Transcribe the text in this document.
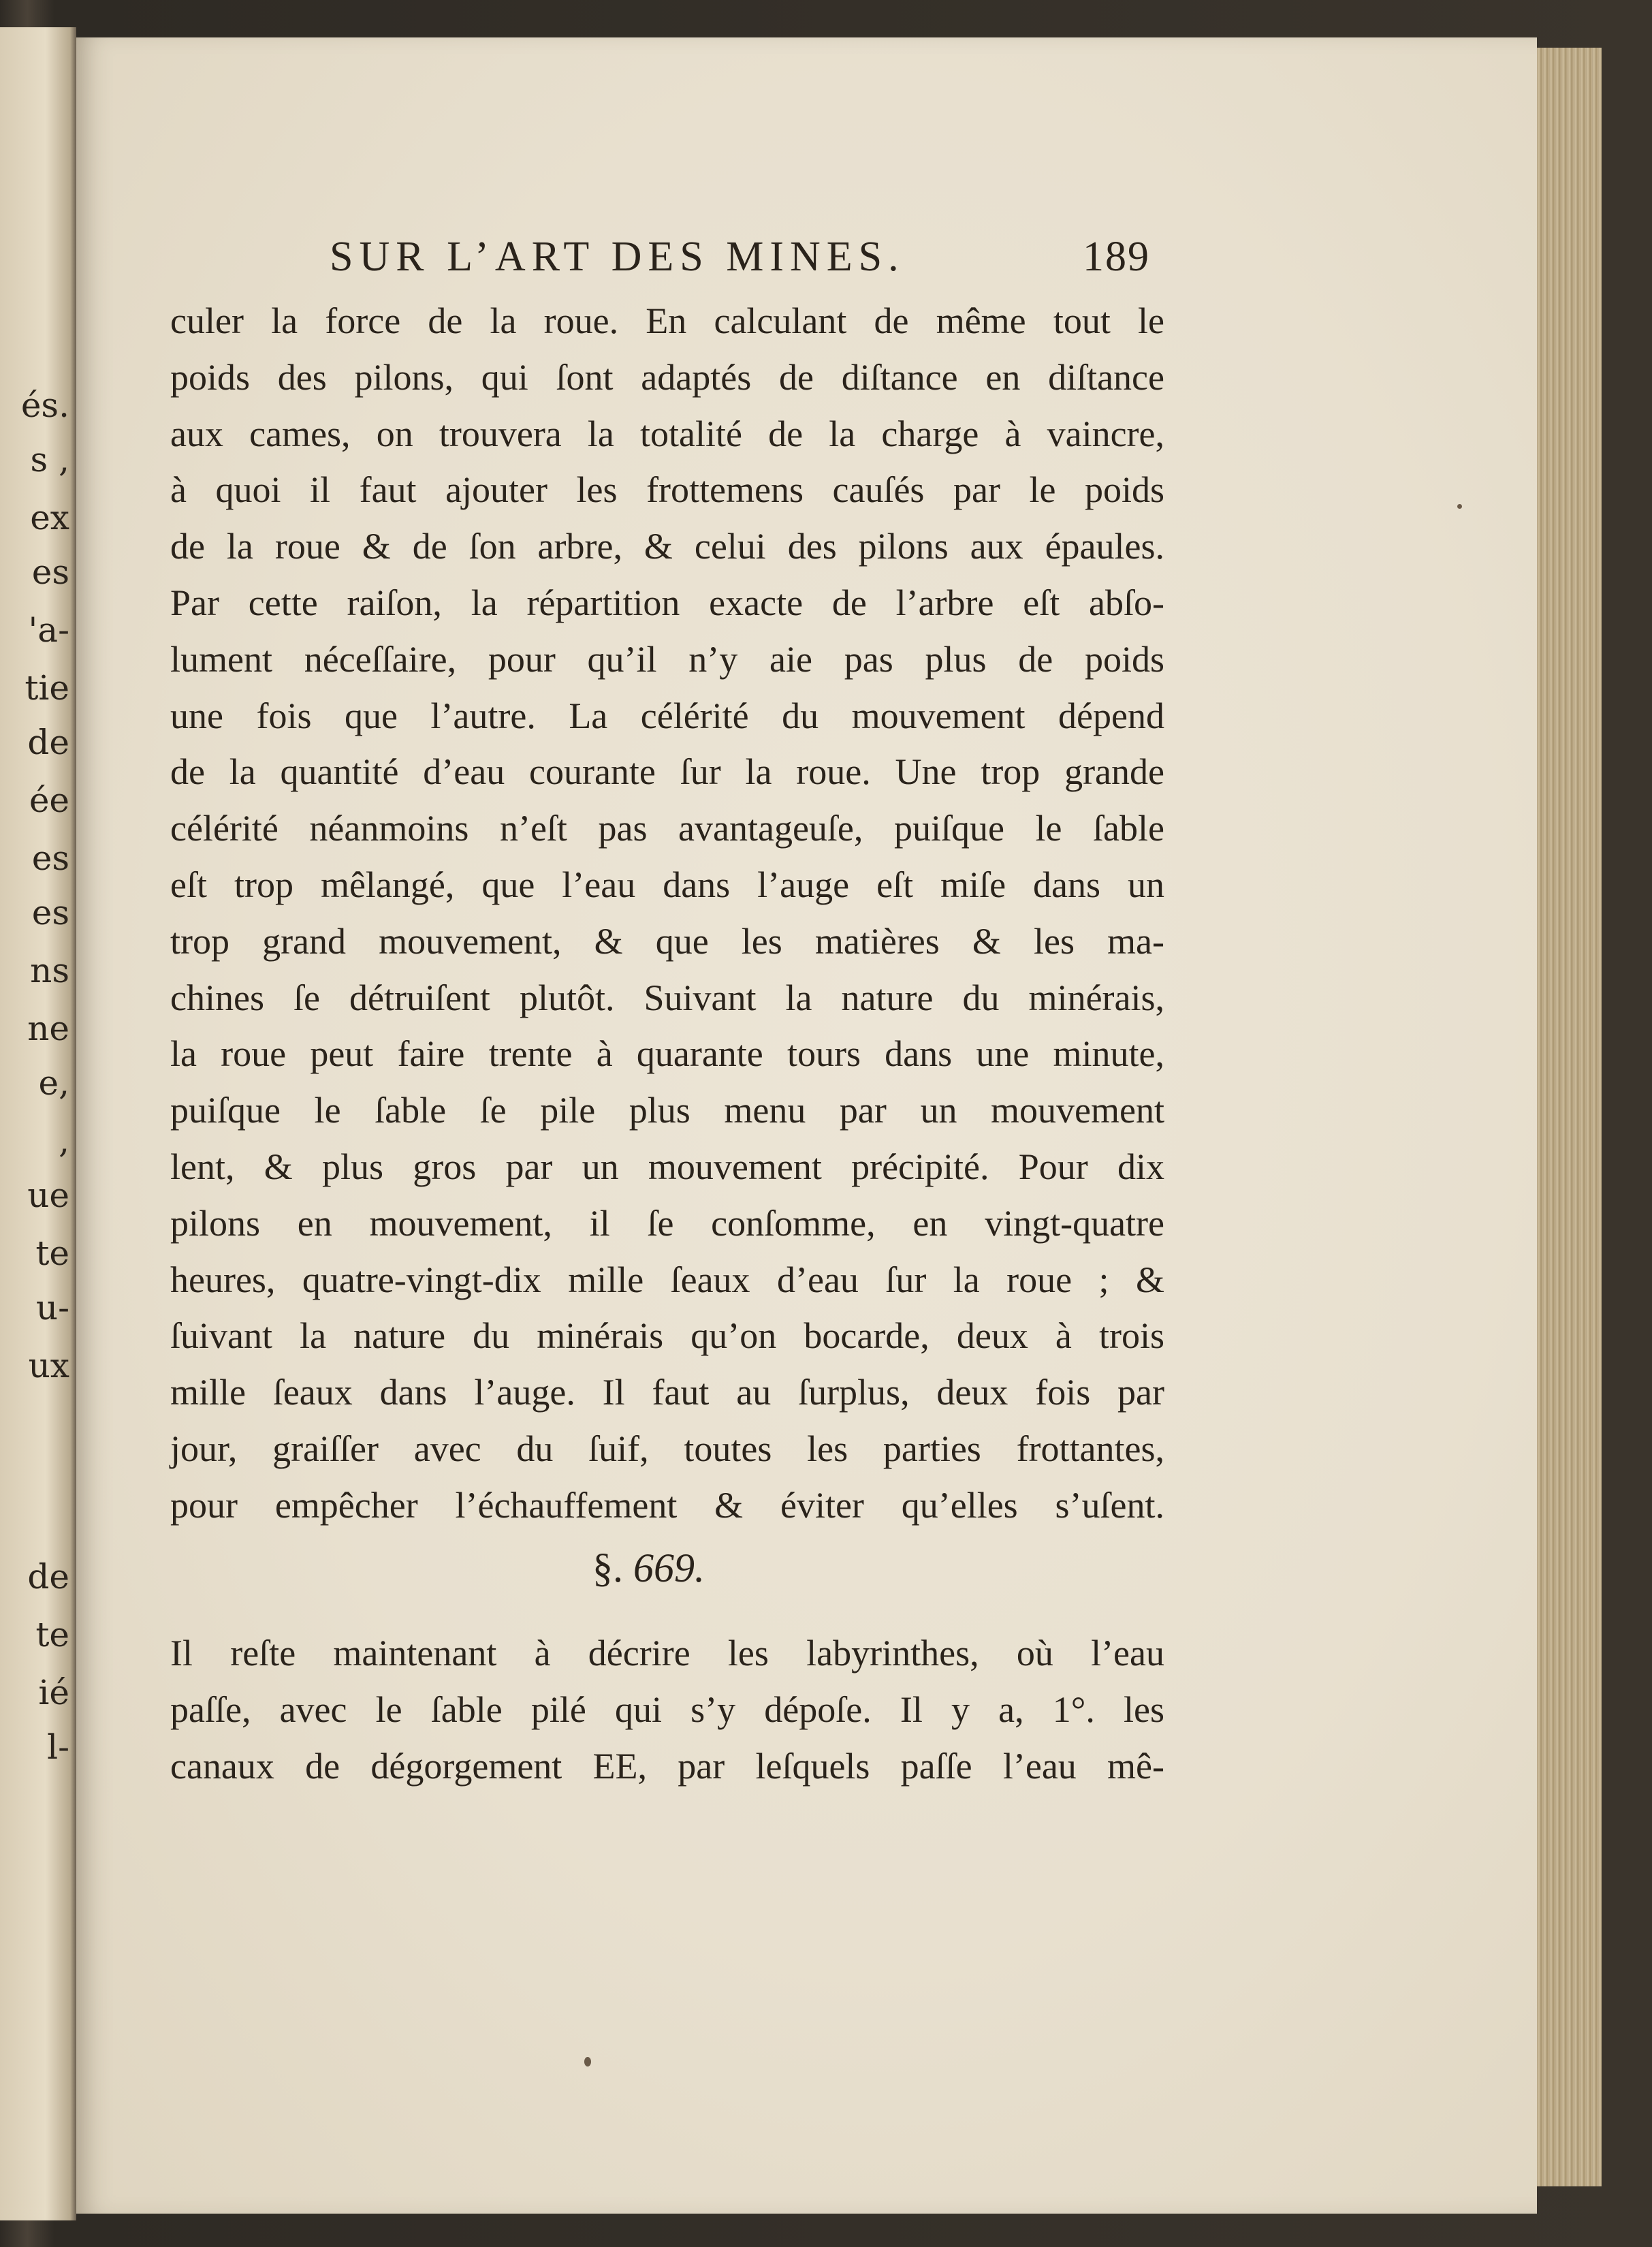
és.
s ,
ex
es
'a-
tie
de
ée
es
es
ns
ne
e,
,
ue
te
u-
ux
de
te
ié
l-
SUR L’ART DES MINES.	189
culer la force de la roue. En calculant de même tout le
poids des pilons, qui ſont adaptés de diſtance en diſtance
aux cames, on trouvera la totalité de la charge à vaincre,
à quoi il faut ajouter les frottemens cauſés par le poids
de la roue & de ſon arbre, & celui des pilons aux épaules.
Par cette raiſon, la répartition exacte de l’arbre eſt abſo-
lument néceſſaire, pour qu’il n’y aie pas plus de poids
une fois que l’autre. La célérité du mouvement dépend
de la quantité d’eau courante ſur la roue. Une trop grande
célérité néanmoins n’eſt pas avantageuſe, puiſque le ſable
eſt trop mêlangé, que l’eau dans l’auge eſt miſe dans un
trop grand mouvement, & que les matières & les ma-
chines ſe détruiſent plutôt. Suivant la nature du minérais,
la roue peut faire trente à quarante tours dans une minute,
puiſque le ſable ſe pile plus menu par un mouvement
lent, & plus gros par un mouvement précipité. Pour dix
pilons en mouvement, il ſe conſomme, en vingt-quatre
heures, quatre-vingt-dix mille ſeaux d’eau ſur la roue ; &
ſuivant la nature du minérais qu’on bocarde, deux à trois
mille ſeaux dans l’auge. Il faut au ſurplus, deux fois par
jour, graiſſer avec du ſuif, toutes les parties frottantes,
pour empêcher l’échauffement & éviter qu’elles s’uſent.
§. 669.
Il reſte maintenant à décrire les labyrinthes, où l’eau
paſſe, avec le ſable pilé qui s’y dépoſe. Il y a, 1°. les
canaux de dégorgement EE, par leſquels paſſe l’eau mê-
